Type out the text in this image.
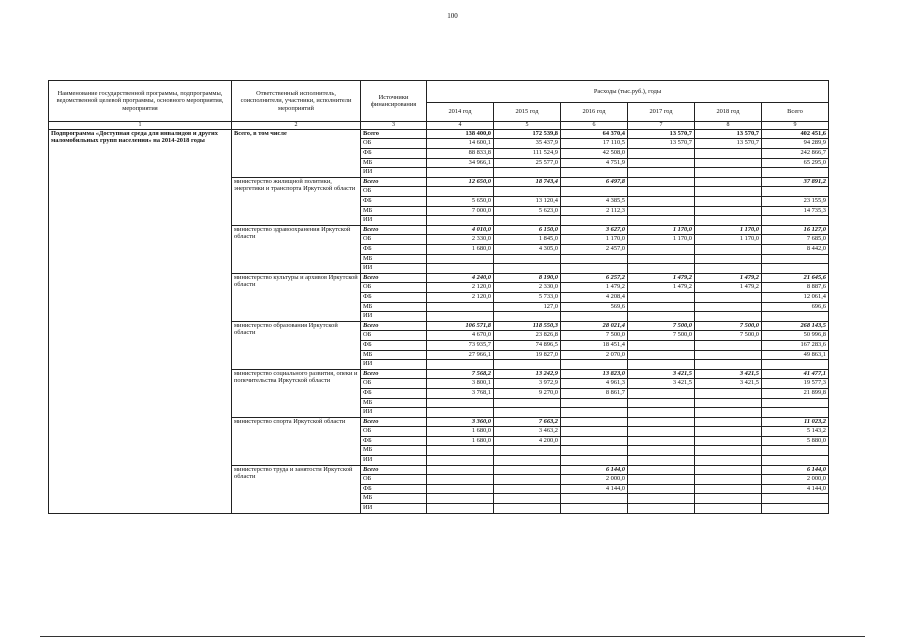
100
Наименование государственной программы, подпрограммы, ведомственной целевой программы, основного мероприятия, мероприятия	Ответственный исполнитель, соисполнители, участники, исполнители мероприятий	Источники финансирования	Расходы (тыс.руб.), годы					
			2014 год	2015 год	2016 год	2017 год	2018 год	Всего
1	2	3	4	5	6	7	8	9
Подпрограмма «Доступная среда для инвалидов и других маломобильных групп населения» на 2014-2018 годы	Всего, в том числе	Всего	138 400,0	172 539,8	64 370,4	13 570,7	13 570,7	402 451,6
		ОБ	14 600,1	35 437,9	17 110,5	13 570,7	13 570,7	94 289,9
		ФБ	88 833,8	111 524,9	42 508,0			242 866,7
		МБ	34 966,1	25 577,0	4 751,9			65 295,0
		ИИ						
	министерство жилищной политики, энергетики и транспорта Иркутской области	Всего	12 650,0	18 743,4	6 497,8			37 891,2
		ОБ						
		ФБ	5 650,0	13 120,4	4 385,5			23 155,9
		МБ	7 000,0	5 623,0	2 112,3			14 735,3
		ИИ						
	министерство здравоохранения Иркутской области	Всего	4 010,0	6 150,0	3 627,0	1 170,0	1 170,0	16 127,0
		ОБ	2 330,0	1 845,0	1 170,0	1 170,0	1 170,0	7 685,0
		ФБ	1 680,0	4 305,0	2 457,0			8 442,0
		МБ						
		ИИ						
	министерство культуры и архивов Иркутской области	Всего	4 240,0	8 190,0	6 257,2	1 479,2	1 479,2	21 645,6
		ОБ	2 120,0	2 330,0	1 479,2	1 479,2	1 479,2	8 887,6
		ФБ	2 120,0	5 733,0	4 208,4			12 061,4
		МБ		127,0	569,6			696,6
		ИИ						
	министерство образования Иркутской области	Всего	106 571,8	118 550,3	28 021,4	7 500,0	7 500,0	268 143,5
		ОБ	4 670,0	23 826,8	7 500,0	7 500,0	7 500,0	50 996,8
		ФБ	73 935,7	74 896,5	18 451,4			167 283,6
		МБ	27 966,1	19 827,0	2 070,0			49 863,1
		ИИ						
	министерство социального развития, опеки и попечительства Иркутской области	Всего	7 568,2	13 242,9	13 823,0	3 421,5	3 421,5	41 477,1
		ОБ	3 800,1	3 972,9	4 961,3	3 421,5	3 421,5	19 577,3
		ФБ	3 768,1	9 270,0	8 861,7			21 899,8
		МБ						
		ИИ						
	министерство спорта Иркутской области	Всего	3 360,0	7 663,2				11 023,2
		ОБ	1 680,0	3 463,2				5 143,2
		ФБ	1 680,0	4 200,0				5 880,0
		МБ						
		ИИ						
	министерство труда и занятости Иркутской области	Всего			6 144,0			6 144,0
		ОБ			2 000,0			2 000,0
		ФБ			4 144,0			4 144,0
		МБ						
		ИИ						
